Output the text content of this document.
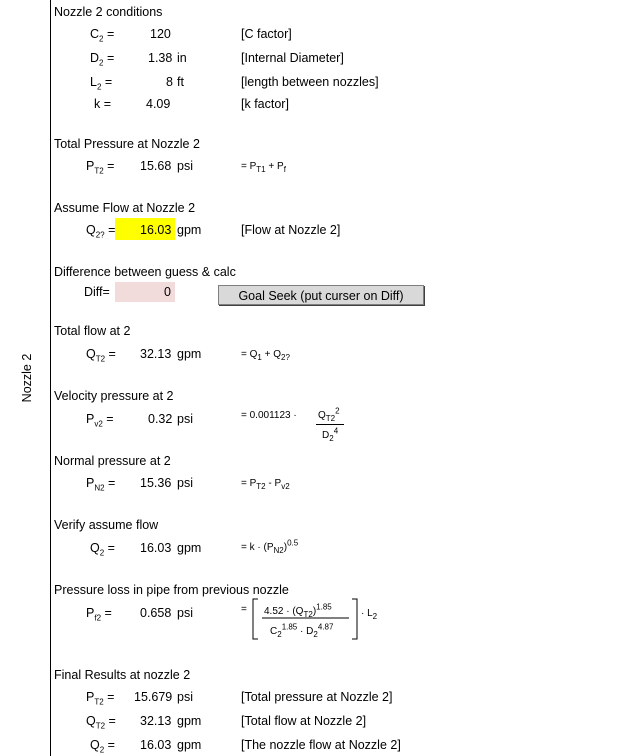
Nozzle 2
Nozzle 2 conditions
$C_2$ =	120	[C factor]
$D_2$ =	1.38 in	[Internal Diameter]
$L_2$ =	8 ft	[length between nozzles]
k =	4.09	[k factor]
Total Pressure at Nozzle 2
$P_{T2} = 15.68$ psi	= $P_{T1} + P_f$
Assume Flow at Nozzle 2
$Q_{2?} = 16.03$ gpm	[Flow at Nozzle 2]
Difference between guess & calc
Diff=	0	Goal Seek (put curser on Diff)
Total flow at 2
$Q_{T2} = 32.13$ gpm	= $Q_1 + Q_{2?}$
Velocity pressure at 2
$P_{v2}$ =	0.32 psi	= $0.001123 \cdot Q_{T2}^2$
$D_2^4$
Normal pressure at 2
$P_{N2} = 15.36$ psi	= $P_{T2} - P_{v2}$
Verify assume flow
$Q_2 = 16.03$ gpm	= $k \cdot (P_{N2})^{0.5}$
Pressure loss in pipe from previous nozzle
$P_{f2} = 0.658$ psi	= $4.52 \cdot (Q_{T2})^{1.85}$
$C_2^{1.85} \cdot D_2^{4.87}$
· $L_2$
Final Results at nozzle 2
$P_{T2} = 15.679$ psi	[Total pressure at Nozzle 2]
$Q_{T2} = 32.13$ gpm	[Total flow at Nozzle 2]
$Q_2 = 16.03$ gpm	[The nozzle flow at Nozzle 2]
